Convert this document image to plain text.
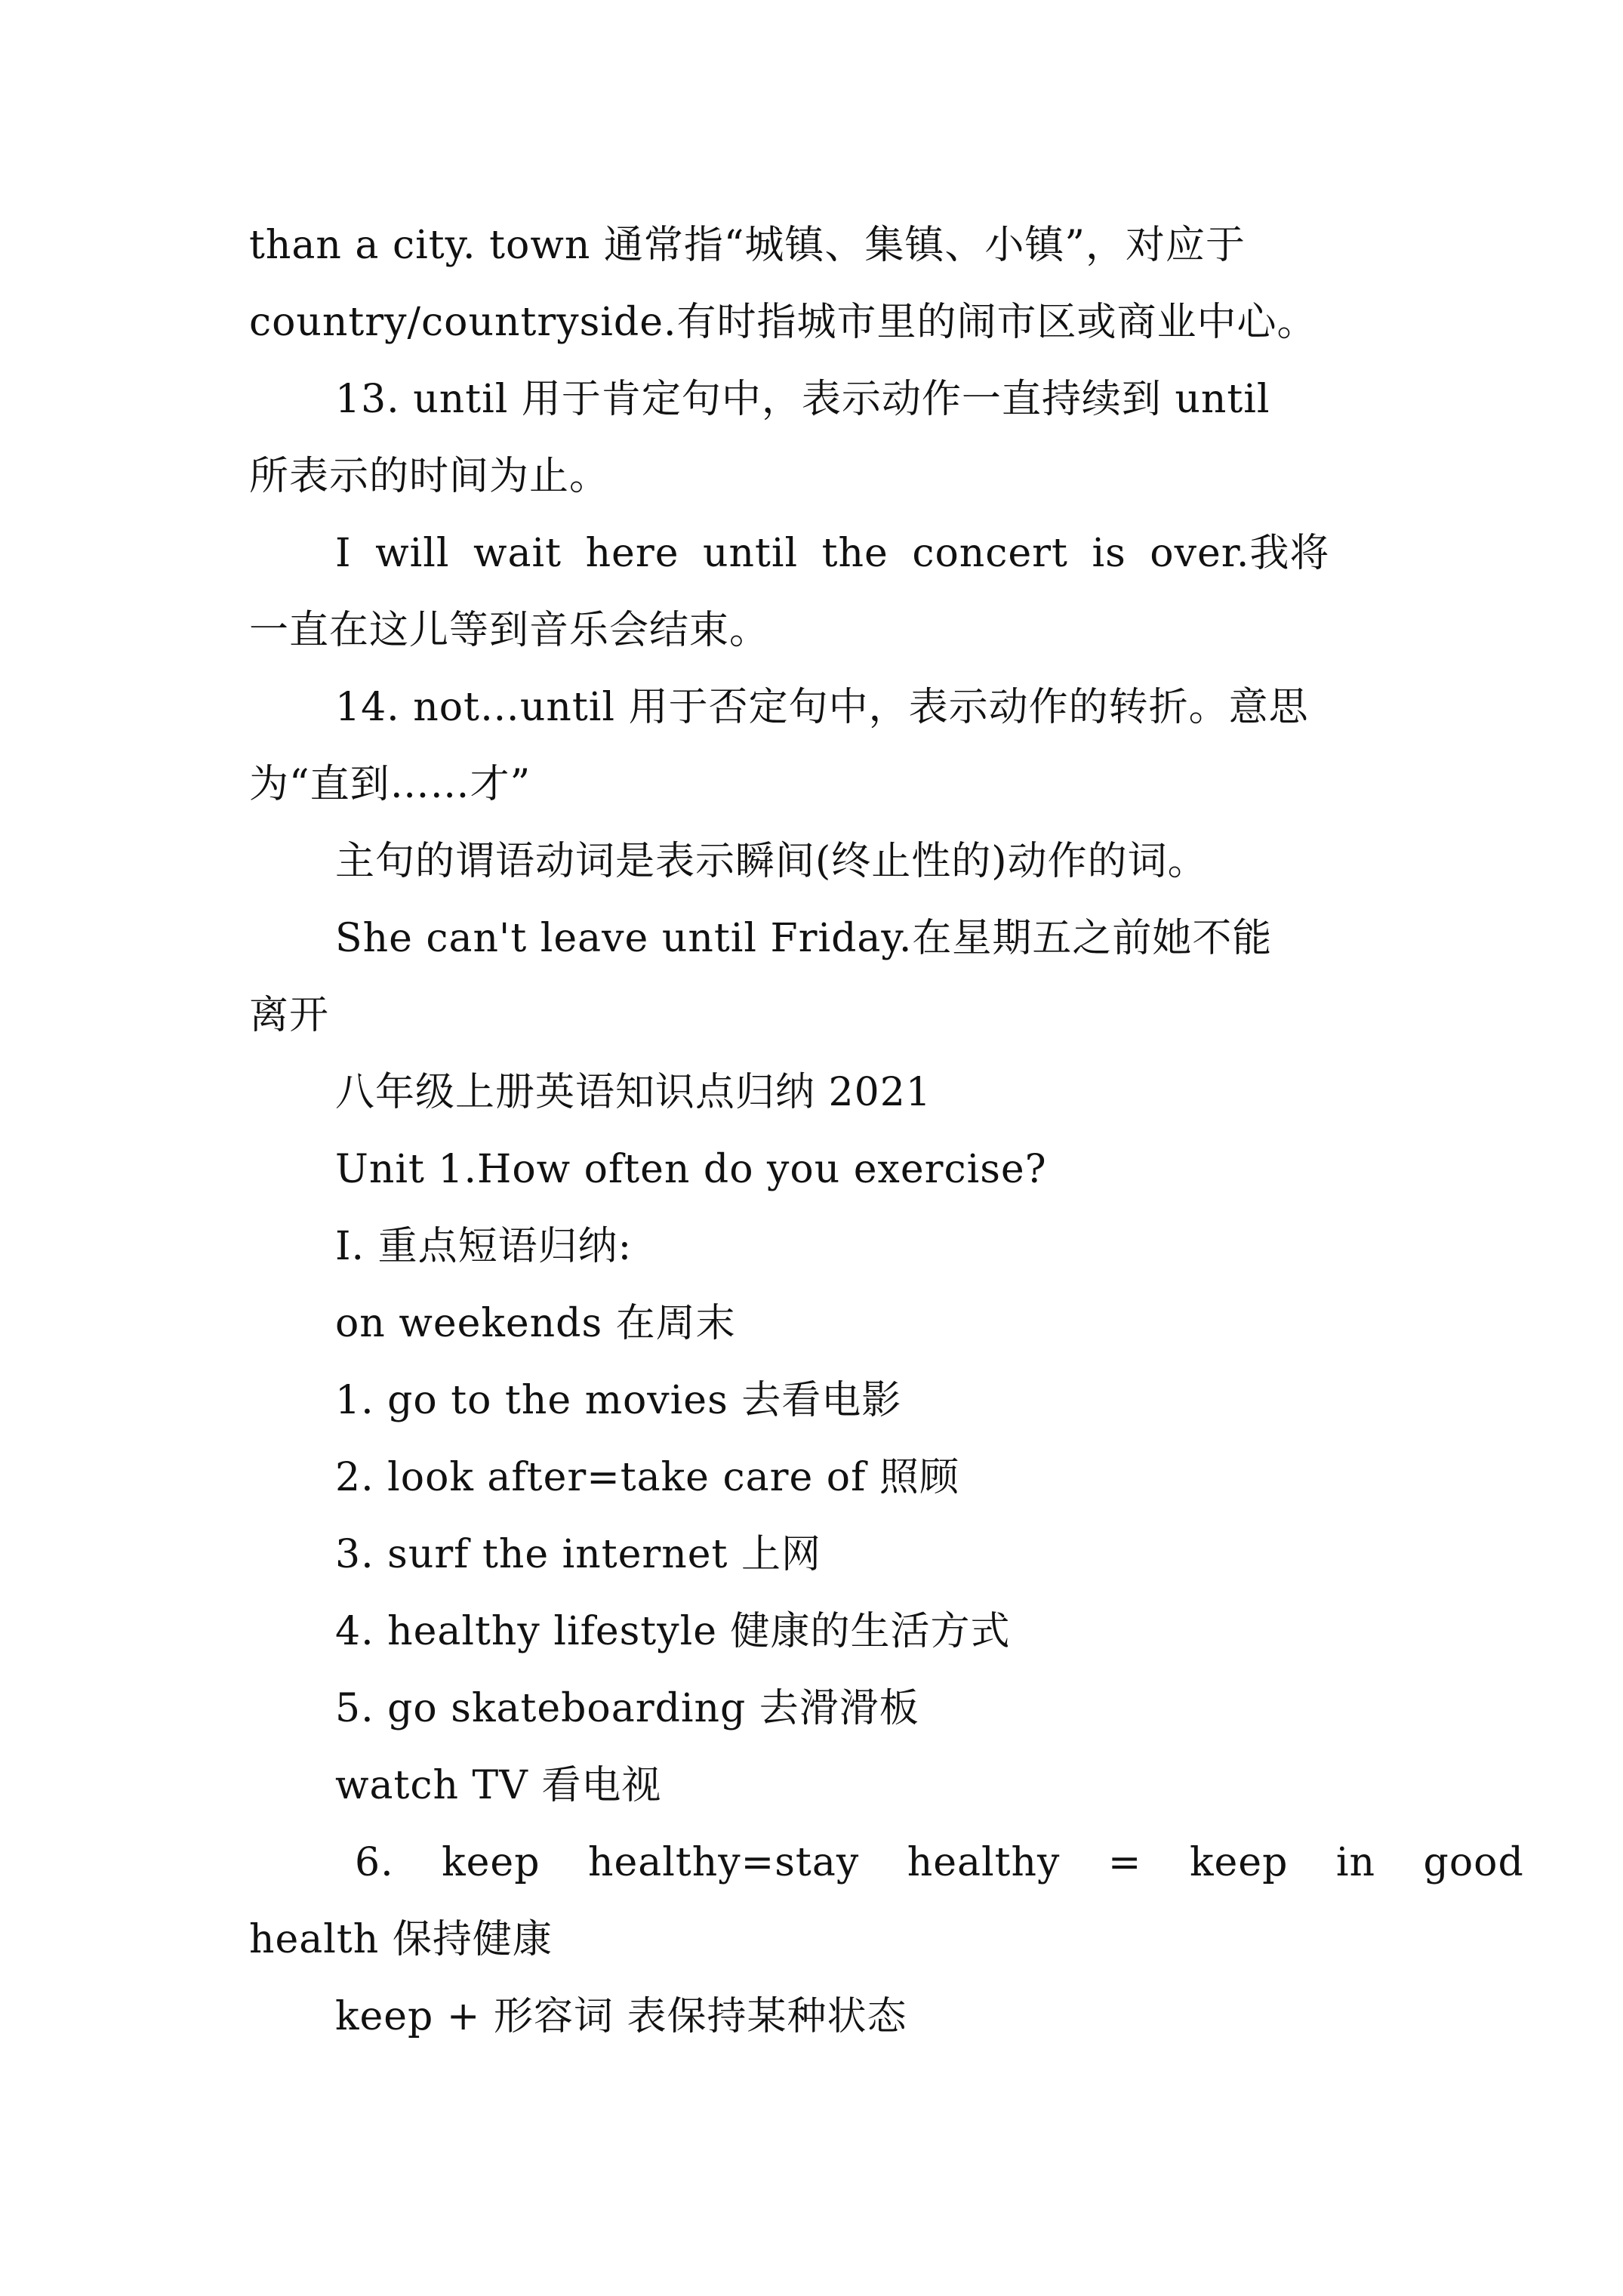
than a city. town 通常指“城镇、集镇、小镇”，对应于
country/countryside.有时指城市里的闹市区或商业中心。
13. until 用于肯定句中，表示动作一直持续到 until
所表示的时间为止。
I will wait here until the concert is over.我将
一直在这儿等到音乐会结束。
14. not…until 用于否定句中，表示动作的转折。意思
为“直到……才”
主句的谓语动词是表示瞬间(终止性的)动作的词。
She can't leave until Friday.在星期五之前她不能
离开
八年级上册英语知识点归纳 2021
Unit 1.How often do you exercise?
I. 重点短语归纳:
on weekends 在周末
1. go to the movies 去看电影
2. look after=take care of 照顾
3. surf the internet 上网
4. healthy lifestyle 健康的生活方式
5. go skateboarding 去滑滑板
watch TV 看电视
6. keep healthy=stay healthy = keep in good
health 保持健康
keep + 形容词 表保持某种状态
